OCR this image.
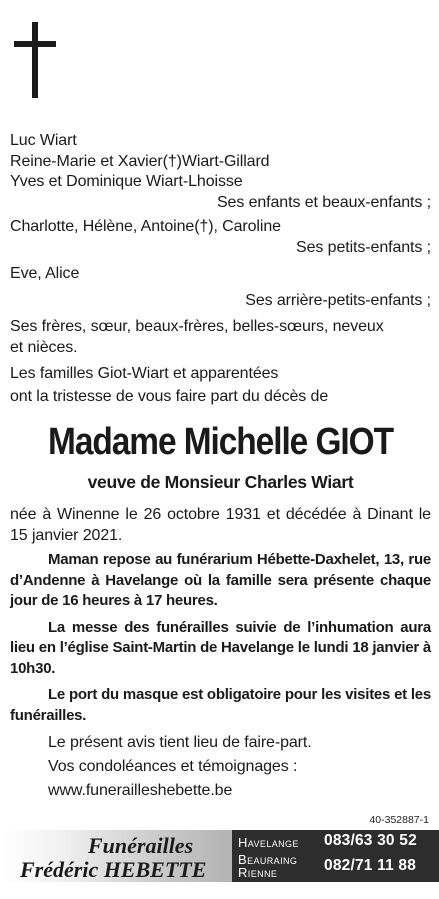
Luc Wiart
Reine-Marie et Xavier(†)Wiart-Gillard
Yves et Dominique Wiart-Lhoisse
Ses enfants et beaux-enfants ;
Charlotte, Hélène, Antoine(†), Caroline
Ses petits-enfants ;
Eve, Alice
Ses arrière-petits-enfants ;
Ses frères, sœur, beaux-frères, belles-sœurs, neveux
et nièces.
Les familles Giot-Wiart et apparentées
ont la tristesse de vous faire part du décès de
Madame Michelle GIOT
veuve de Monsieur Charles Wiart
née à Winenne le 26 octobre 1931 et décédée à Dinant le 15 janvier 2021.
Maman repose au funérarium Hébette-Daxhelet, 13, rue d’Andenne à Havelange où la famille sera présente chaque jour de 16 heures à 17 heures.
La messe des funérailles suivie de l’inhumation aura lieu en l’église Saint-Martin de Havelange le lundi 18 janvier à 10h30.
Le port du masque est obligatoire pour les visites et les funérailles.
Le présent avis tient lieu de faire-part.
Vos condoléances et témoignages :
www.funerailleshebette.be
40-352887-1
Funérailles
Frédéric HEBETTE
Havelange 083/63 30 52
Beauraing
Rienne	082/71 11 88
